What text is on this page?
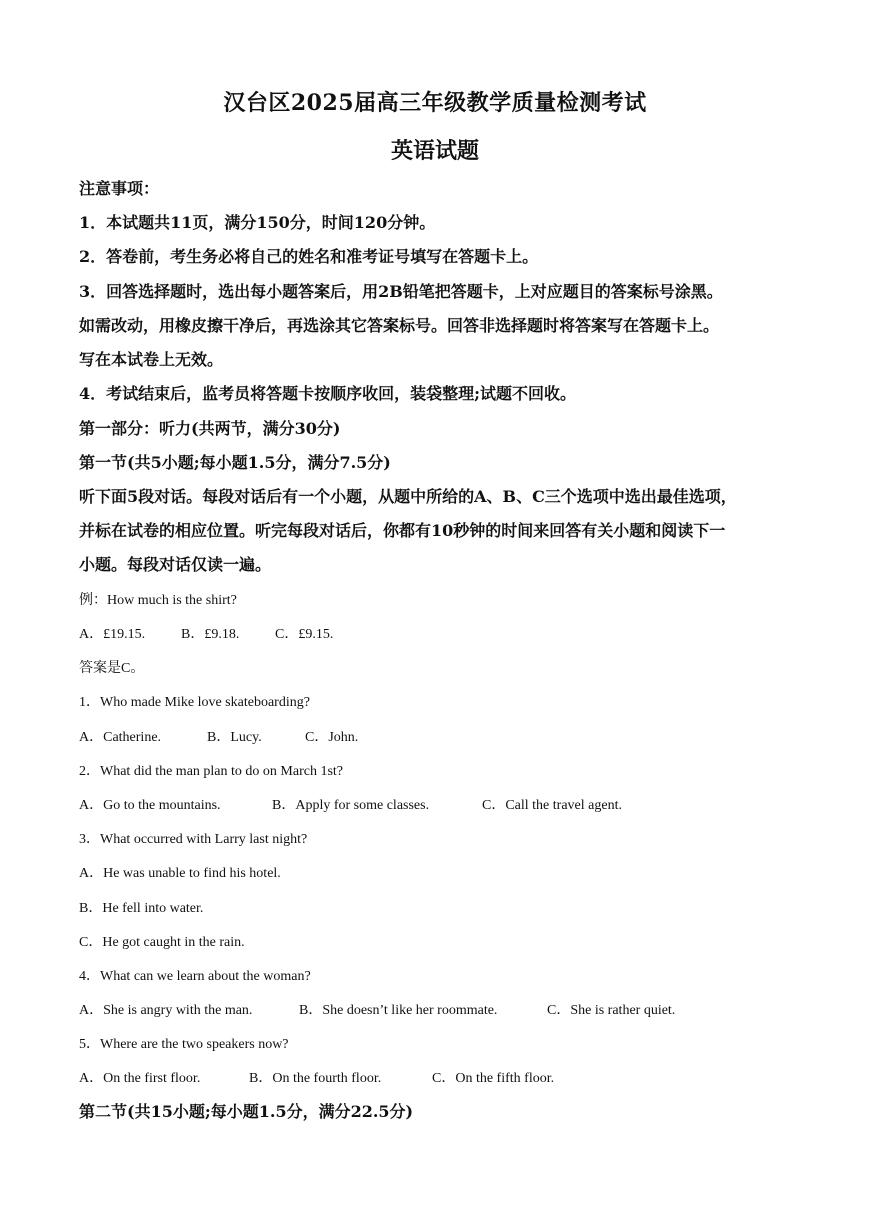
汉台区2025届高三年级教学质量检测考试
英语试题
注意事项：
1．本试题共11页，满分150分，时间120分钟。
2．答卷前，考生务必将自己的姓名和准考证号填写在答题卡上。
3．回答选择题时，选出每小题答案后，用2B铅笔把答题卡，上对应题目的答案标号涂黑。
如需改动，用橡皮擦干净后，再选涂其它答案标号。回答非选择题时将答案写在答题卡上。
写在本试卷上无效。
4．考试结束后，监考员将答题卡按顺序收回，装袋整理;试题不回收。
第一部分：听力(共两节，满分30分)
第一节(共5小题;每小题1.5分，满分7.5分)
听下面5段对话。每段对话后有一个小题，从题中所给的A、B、C三个选项中选出最佳选项，
并标在试卷的相应位置。听完每段对话后，你都有10秒钟的时间来回答有关小题和阅读下一
小题。每段对话仅读一遍。
例：How much is the shirt?
A．£19.15.	B．£9.18.	C．£9.15.
答案是C。
1．Who made Mike love skateboarding?
A．Catherine.	B．Lucy.	C．John.
2．What did the man plan to do on March 1st?
A．Go to the mountains.	B．Apply for some classes.	C．Call the travel agent.
3．What occurred with Larry last night?
A．He was unable to find his hotel.
B．He fell into water.
C．He got caught in the rain.
4．What can we learn about the woman?
A．She is angry with the man.	B．She doesn’t like her roommate.	C．She is rather quiet.
5．Where are the two speakers now?
A．On the first floor.	B．On the fourth floor.	C．On the fifth floor.
第二节(共15小题;每小题1.5分，满分22.5分)
